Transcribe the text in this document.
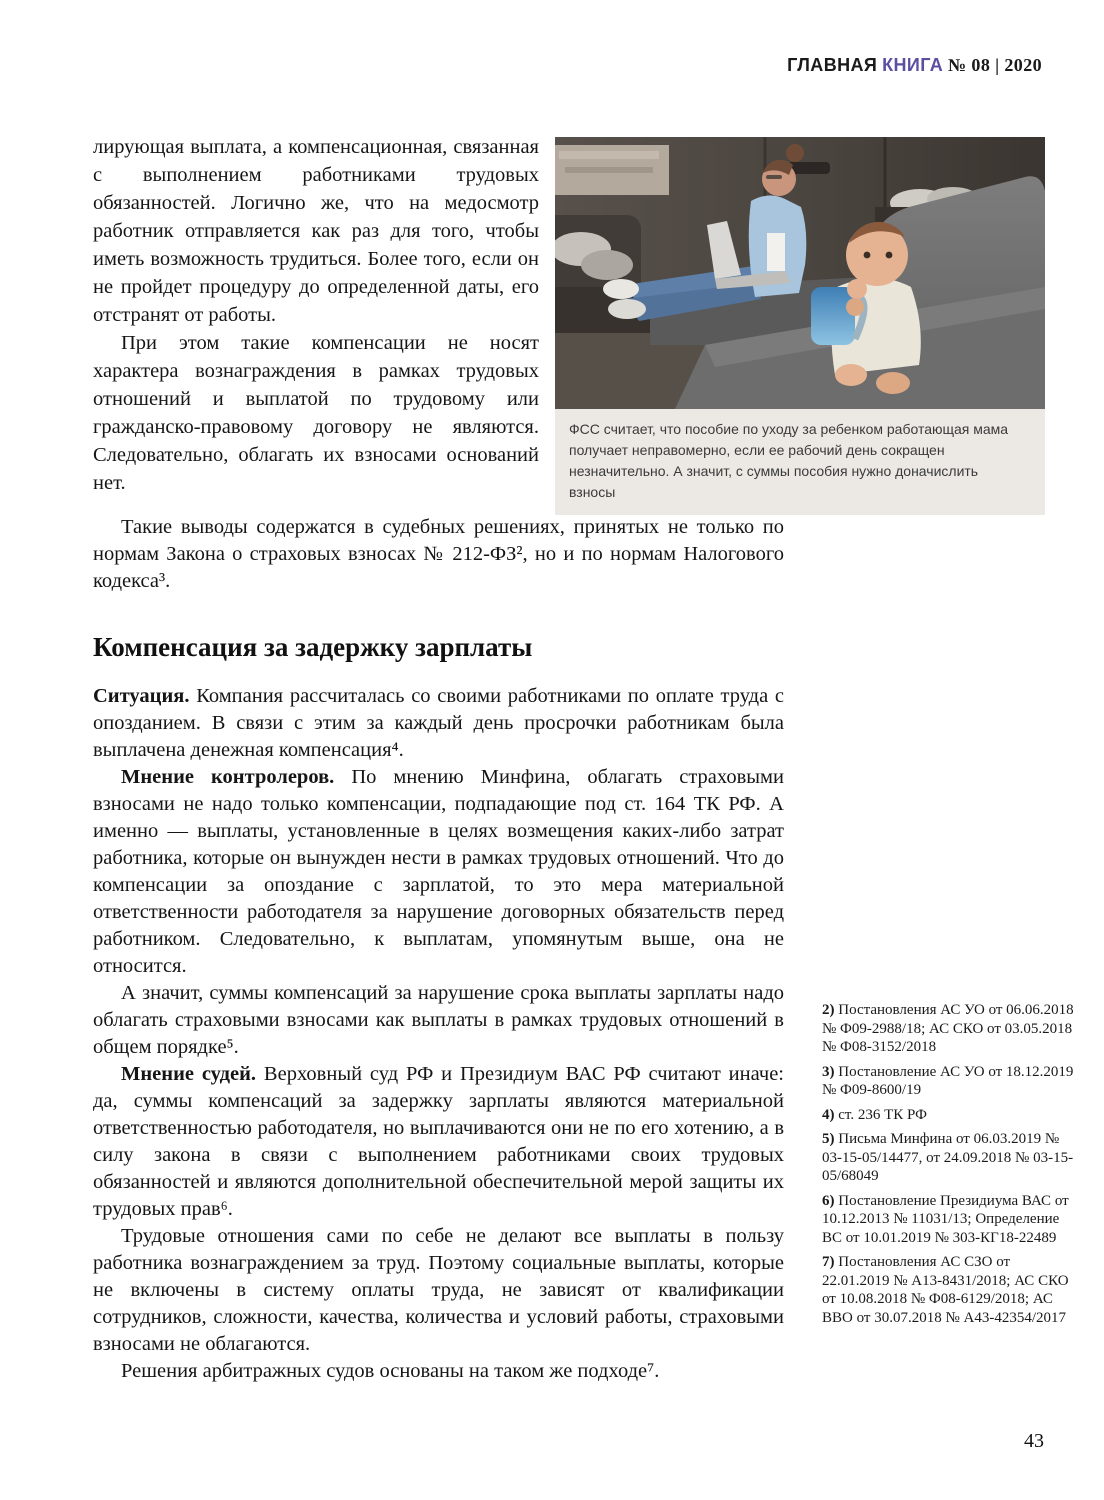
ГЛАВНАЯ КНИГА № 08 | 2020

лирующая выплата, а компенсационная, связанная с выполнением работниками трудовых обязанностей. Логично же, что на медосмотр работник отправляется как раз для того, чтобы иметь возможность трудиться. Более того, если он не пройдет процедуру до определенной даты, его отстранят от работы.

При этом такие компенсации не носят характера вознаграждения в рамках трудовых отношений и выплатой по трудовому или гражданско-правовому договору не являются. Следовательно, облагать их взносами оснований нет.

ФСС считает, что пособие по уходу за ребенком работающая мама получает неправомерно, если ее рабочий день сокращен незначительно. А значит, с суммы пособия нужно доначислить взносы

Такие выводы содержатся в судебных решениях, принятых не только по нормам Закона о страховых взносах № 212-ФЗ², но и по нормам Налогового кодекса³.

Компенсация за задержку зарплаты

Ситуация. Компания рассчиталась со своими работниками по оплате труда с опозданием. В связи с этим за каждый день просрочки работникам была выплачена денежная компенсация⁴.

Мнение контролеров. По мнению Минфина, облагать страховыми взносами не надо только компенсации, подпадающие под ст. 164 ТК РФ. А именно — выплаты, установленные в целях возмещения каких-либо затрат работника, которые он вынужден нести в рамках трудовых отношений. Что до компенсации за опоздание с зарплатой, то это мера материальной ответственности работодателя за нарушение договорных обязательств перед работником. Следовательно, к выплатам, упомянутым выше, она не относится.

А значит, суммы компенсаций за нарушение срока выплаты зарплаты надо облагать страховыми взносами как выплаты в рамках трудовых отношений в общем порядке⁵.

Мнение судей. Верховный суд РФ и Президиум ВАС РФ считают иначе: да, суммы компенсаций за задержку зарплаты являются материальной ответственностью работодателя, но выплачиваются они не по его хотению, а в силу закона в связи с выполнением работниками своих трудовых обязанностей и являются дополнительной обеспечительной мерой защиты их трудовых прав⁶.

Трудовые отношения сами по себе не делают все выплаты в пользу работника вознаграждением за труд. Поэтому социальные выплаты, которые не включены в систему оплаты труда, не зависят от квалификации сотрудников, сложности, качества, количества и условий работы, страховыми взносами не облагаются.

Решения арбитражных судов основаны на таком же подходе⁷.

2) Постановления АС УО от 06.06.2018 № Ф09-2988/18; АС СКО от 03.05.2018 № Ф08-3152/2018

3) Постановление АС УО от 18.12.2019 № Ф09-8600/19

4) ст. 236 ТК РФ

5) Письма Минфина от 06.03.2019 № 03-15-05/14477, от 24.09.2018 № 03-15-05/68049

6) Постановление Президиума ВАС от 10.12.2013 № 11031/13; Определение ВС от 10.01.2019 № 303-КГ18-22489

7) Постановления АС СЗО от 22.01.2019 № А13-8431/2018; АС СКО от 10.08.2018 № Ф08-6129/2018; АС ВВО от 30.07.2018 № А43-42354/2017

43
